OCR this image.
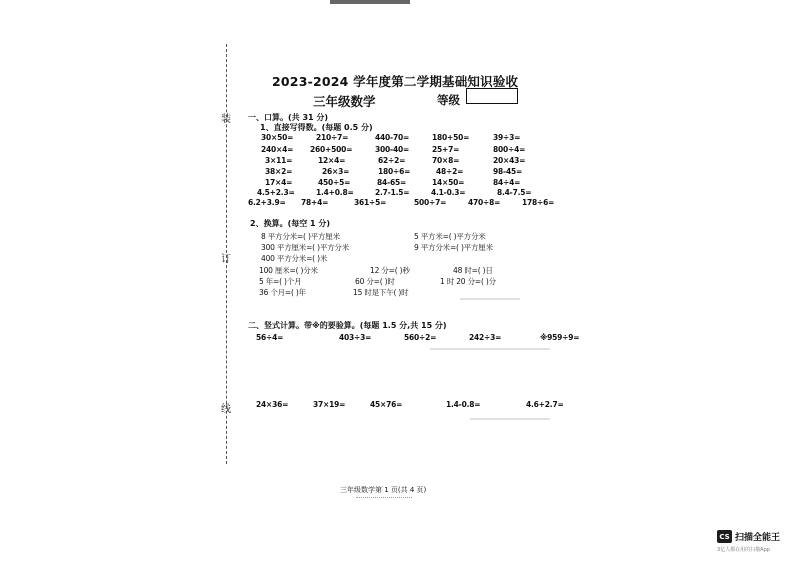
装
订
线
2023-2024 学年度第二学期基础知识验收
三年级数学	等级
一、口算。(共 31 分)
1、直接写得数。(每题 0.5 分)
30×50=	210÷7=	440-70=	180+50=	39÷3=
240×4= 260+500=	300-40=	25+7=	800÷4=
3×11=	12×4=	62÷2=	70×8=	20×43=
38×2=	26×3=	180÷6=	48÷2=	98-45=
17×4=	450÷5=	84-65=	14×50=	84÷4=
4.5+2.3=	1.4+0.8=	2.7-1.5=	4.1-0.3=	8.4-7.5=
6.2+3.9= 78+4=	361÷5=	500÷7=	470÷8=	178÷6=
2、换算。(每空 1 分)
8 平方分米=( )平方厘米	5 平方米=( )平方分米
300 平方厘米=( )平方分米	9 平方分米=( )平方厘米
400 平方分米=( )米
100 厘米=( )分米	12 分=( )秒	48 时=( )日
5 年=( )个月	60 分=( )时	1 时 20 分=( )分
36 个月=( )年	15 时是下午( )时
二、竖式计算。带※的要验算。(每题 1.5 分,共 15 分)
56÷4=	403÷3=	560÷2=	242÷3=	※959÷9=
24×36=	37×19=	45×76=	1.4-0.8=	4.6+2.7=
三年级数学第 1 页(共 4 页)
CS 扫描全能王
3亿人都在用的扫描App
